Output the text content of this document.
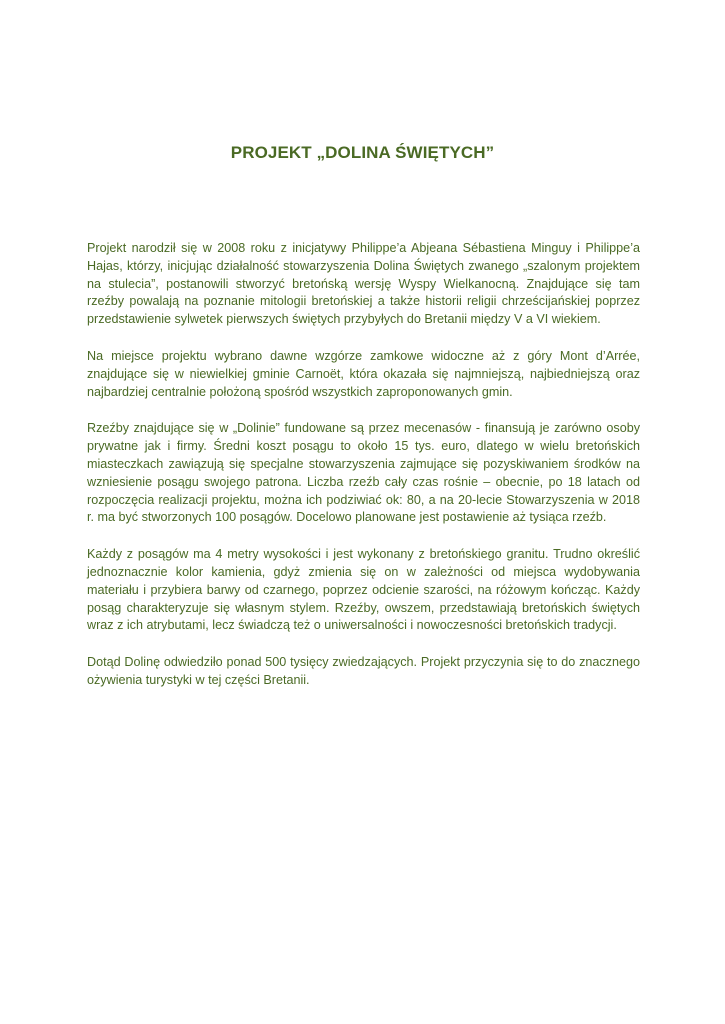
PROJEKT „DOLINA ŚWIĘTYCH”

Projekt narodził się w 2008 roku z inicjatywy Philippe’a Abjeana Sébastiena Minguy i Philippe’a Hajas, którzy, inicjując działalność stowarzyszenia Dolina Świętych zwanego „szalonym projektem na stulecia”, postanowili stworzyć bretońską wersję Wyspy Wielkanocną. Znajdujące się tam rzeźby powalają na poznanie mitologii bretońskiej a także historii religii chrześcijańskiej poprzez przedstawienie sylwetek pierwszych świętych przybyłych do Bretanii między V a VI wiekiem.

Na miejsce projektu wybrano dawne wzgórze zamkowe widoczne aż z góry Mont d’Arrée, znajdujące się w niewielkiej gminie Carnoët, która okazała się najmniejszą, najbiedniejszą oraz najbardziej centralnie położoną spośród wszystkich zaproponowanych gmin.

Rzeźby znajdujące się w „Dolinie” fundowane są przez mecenasów - finansują je zarówno osoby prywatne jak i firmy. Średni koszt posągu to około 15 tys. euro, dlatego w wielu bretońskich miasteczkach zawiązują się specjalne stowarzyszenia zajmujące się pozyskiwaniem środków na wzniesienie posągu swojego patrona. Liczba rzeźb cały czas rośnie – obecnie, po 18 latach od rozpoczęcia realizacji projektu, można ich podziwiać ok: 80, a na 20-lecie Stowarzyszenia w 2018 r. ma być stworzonych 100 posągów. Docelowo planowane jest postawienie aż tysiąca rzeźb.

Każdy z posągów ma 4 metry wysokości i jest wykonany z bretońskiego granitu. Trudno określić jednoznacznie kolor kamienia, gdyż zmienia się on w zależności od miejsca wydobywania materiału i przybiera barwy od czarnego, poprzez odcienie szarości, na różowym kończąc. Każdy posąg charakteryzuje się własnym stylem. Rzeźby, owszem, przedstawiają bretońskich świętych wraz z ich atrybutami, lecz świadczą też o uniwersalności i nowoczesności bretońskich tradycji.

Dotąd Dolinę odwiedziło ponad 500 tysięcy zwiedzających. Projekt przyczynia się to do znacznego ożywienia turystyki w tej części Bretanii.
